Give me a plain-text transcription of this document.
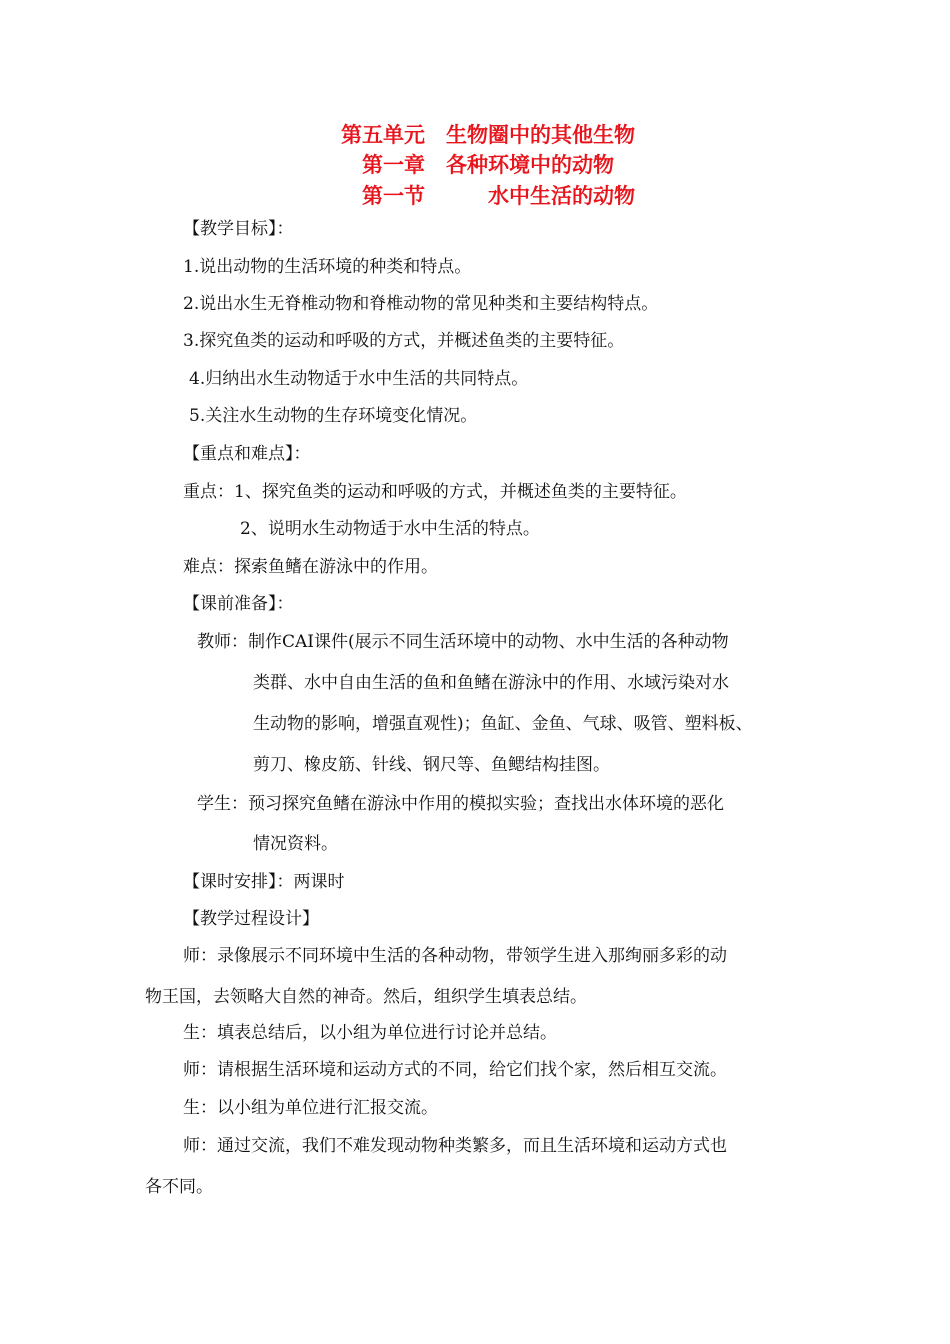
第五单元　生物圈中的其他生物
第一章　各种环境中的动物
第一节　　　水中生活的动物
【教学目标】：
1.说出动物的生活环境的种类和特点。
2.说出水生无脊椎动物和脊椎动物的常见种类和主要结构特点。
3.探究鱼类的运动和呼吸的方式，并概述鱼类的主要特征。
4.归纳出水生动物适于水中生活的共同特点。
5.关注水生动物的生存环境变化情况。
【重点和难点】：
重点：1、探究鱼类的运动和呼吸的方式，并概述鱼类的主要特征。
2、说明水生动物适于水中生活的特点。
难点：探索鱼鳍在游泳中的作用。
【课前准备】：
教师：制作CAI课件(展示不同生活环境中的动物、水中生活的各种动物
类群、水中自由生活的鱼和鱼鳍在游泳中的作用、水域污染对水
生动物的影响，增强直观性)；鱼缸、金鱼、气球、吸管、塑料板、
剪刀、橡皮筋、针线、钢尺等、鱼鳃结构挂图。
学生：预习探究鱼鳍在游泳中作用的模拟实验；查找出水体环境的恶化
情况资料。
【课时安排】：两课时
【教学过程设计】
师：录像展示不同环境中生活的各种动物，带领学生进入那绚丽多彩的动
物王国，去领略大自然的神奇。然后，组织学生填表总结。
生：填表总结后，以小组为单位进行讨论并总结。
师：请根据生活环境和运动方式的不同，给它们找个家，然后相互交流。
生：以小组为单位进行汇报交流。
师：通过交流，我们不难发现动物种类繁多，而且生活环境和运动方式也
各不同。
